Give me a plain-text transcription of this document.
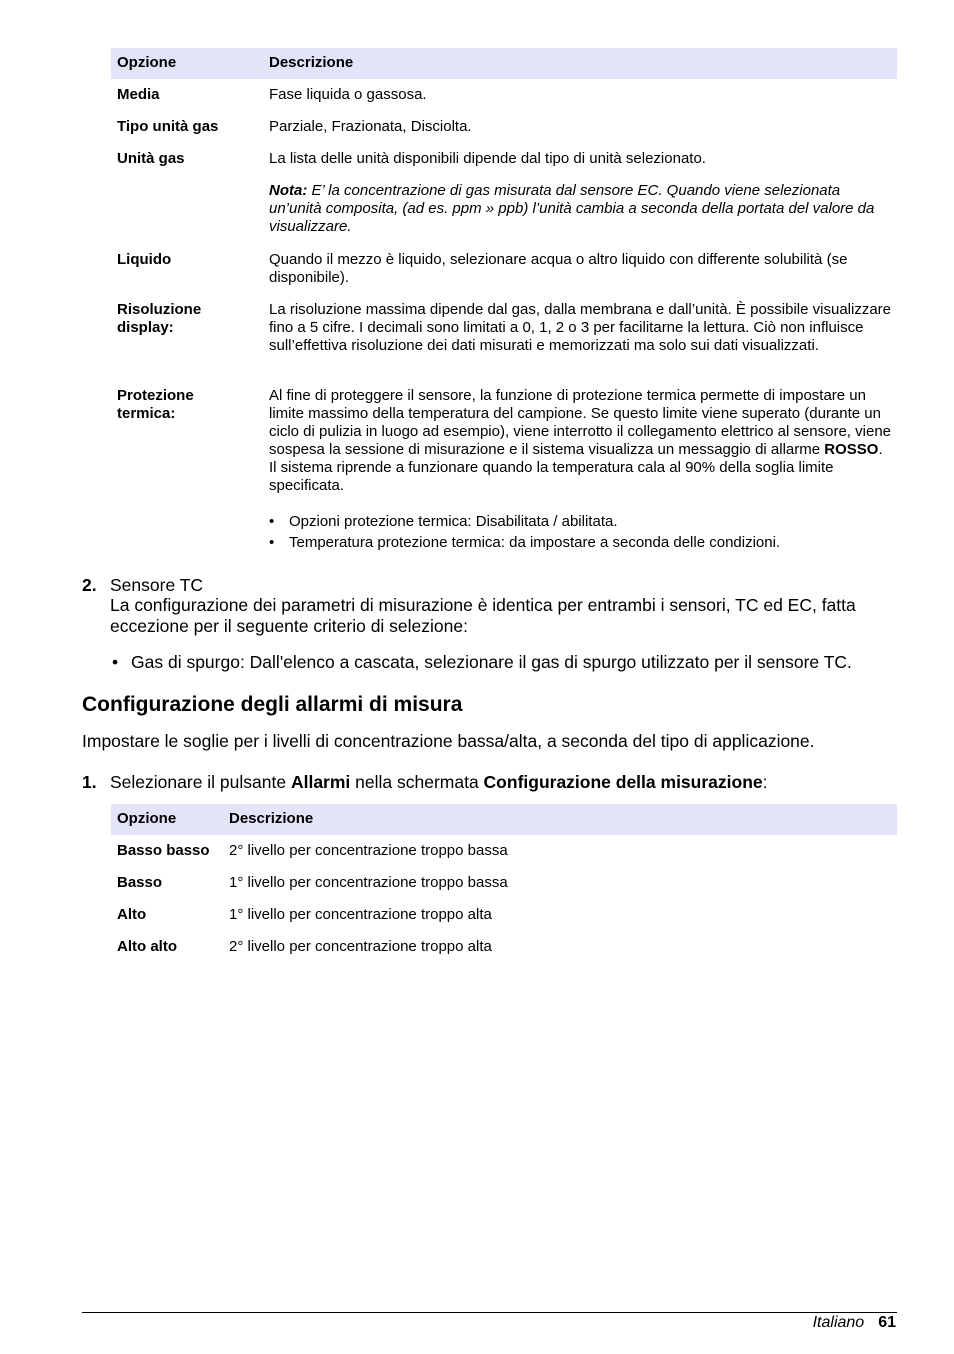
Opzione	Descrizione
Media	Fase liquida o gassosa.
Tipo unità gas	Parziale, Frazionata, Disciolta.
Unità gas	La lista delle unità disponibili dipende dal tipo di unità selezionato.
Nota: E’ la concentrazione di gas misurata dal sensore EC. Quando viene selezionata un’unità composita, (ad es. ppm » ppb) l’unità cambia a seconda della portata del valore da visualizzare.
Liquido	Quando il mezzo è liquido, selezionare acqua o altro liquido con differente solubilità (se disponibile).
Risoluzione display:
La risoluzione massima dipende dal gas, dalla membrana e dall’unità. È possibile visualizzare fino a 5 cifre. I decimali sono limitati a 0, 1, 2 o 3 per facilitarne la lettura. Ciò non influisce sull’effettiva risoluzione dei dati misurati e memorizzati ma solo sui dati visualizzati.
Protezione termica:
Al fine di proteggere il sensore, la funzione di protezione termica permette di impostare un limite massimo della temperatura del campione. Se questo limite viene superato (durante un ciclo di pulizia in luogo ad esempio), viene interrotto il collegamento elettrico al sensore, viene sospesa la sessione di misurazione e il sistema visualizza un messaggio di allarme ROSSO. Il sistema riprende a funzionare quando la temperatura cala al 90% della soglia limite specificata.
• Opzioni protezione termica: Disabilitata / abilitata.
• Temperatura protezione termica: da impostare a seconda delle condizioni.
2. Sensore TC
La configurazione dei parametri di misurazione è identica per entrambi i sensori, TC ed EC, fatta eccezione per il seguente criterio di selezione:
• Gas di spurgo: Dall'elenco a cascata, selezionare il gas di spurgo utilizzato per il sensore TC.
Configurazione degli allarmi di misura
Impostare le soglie per i livelli di concentrazione bassa/alta, a seconda del tipo di applicazione.
1. Selezionare il pulsante Allarmi nella schermata Configurazione della misurazione:
Opzione	Descrizione
Basso basso 2° livello per concentrazione troppo bassa
Basso	1° livello per concentrazione troppo bassa
Alto	1° livello per concentrazione troppo alta
Alto alto	2° livello per concentrazione troppo alta
Italiano 61
